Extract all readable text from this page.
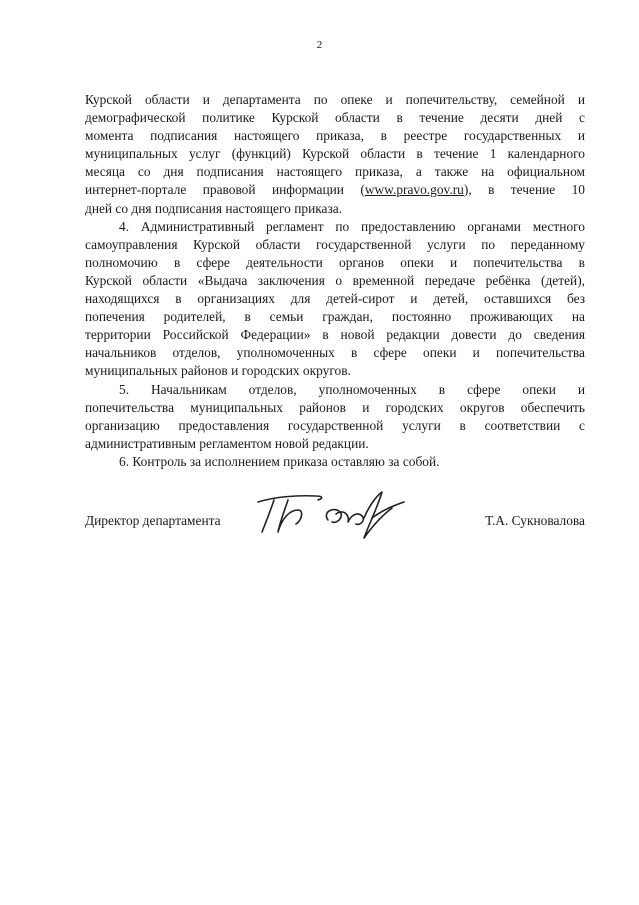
2
Курской области и департамента по опеке и попечительству, семейной и
демографической политике Курской области в течение десяти дней с
момента подписания настоящего приказа, в реестре государственных и
муниципальных услуг (функций) Курской области в течение 1 календарного
месяца со дня подписания настоящего приказа, а также на официальном
интернет-портале правовой информации (www.pravo.gov.ru), в течение 10
дней со дня подписания настоящего приказа.
4. Административный регламент по предоставлению органами местного
самоуправления Курской области государственной услуги по переданному
полномочию в сфере деятельности органов опеки и попечительства в
Курской области «Выдача заключения о временной передаче ребёнка (детей),
находящихся в организациях для детей-сирот и детей, оставшихся без
попечения родителей, в семьи граждан, постоянно проживающих на
территории Российской Федерации» в новой редакции довести до сведения
начальников отделов, уполномоченных в сфере опеки и попечительства
муниципальных районов и городских округов.
5. Начальникам отделов, уполномоченных в сфере опеки и
попечительства муниципальных районов и городских округов обеспечить
организацию предоставления государственной услуги в соответствии с
административным регламентом новой редакции.
6. Контроль за исполнением приказа оставляю за собой.
Директор департамента	Т.А. Сукновалова
